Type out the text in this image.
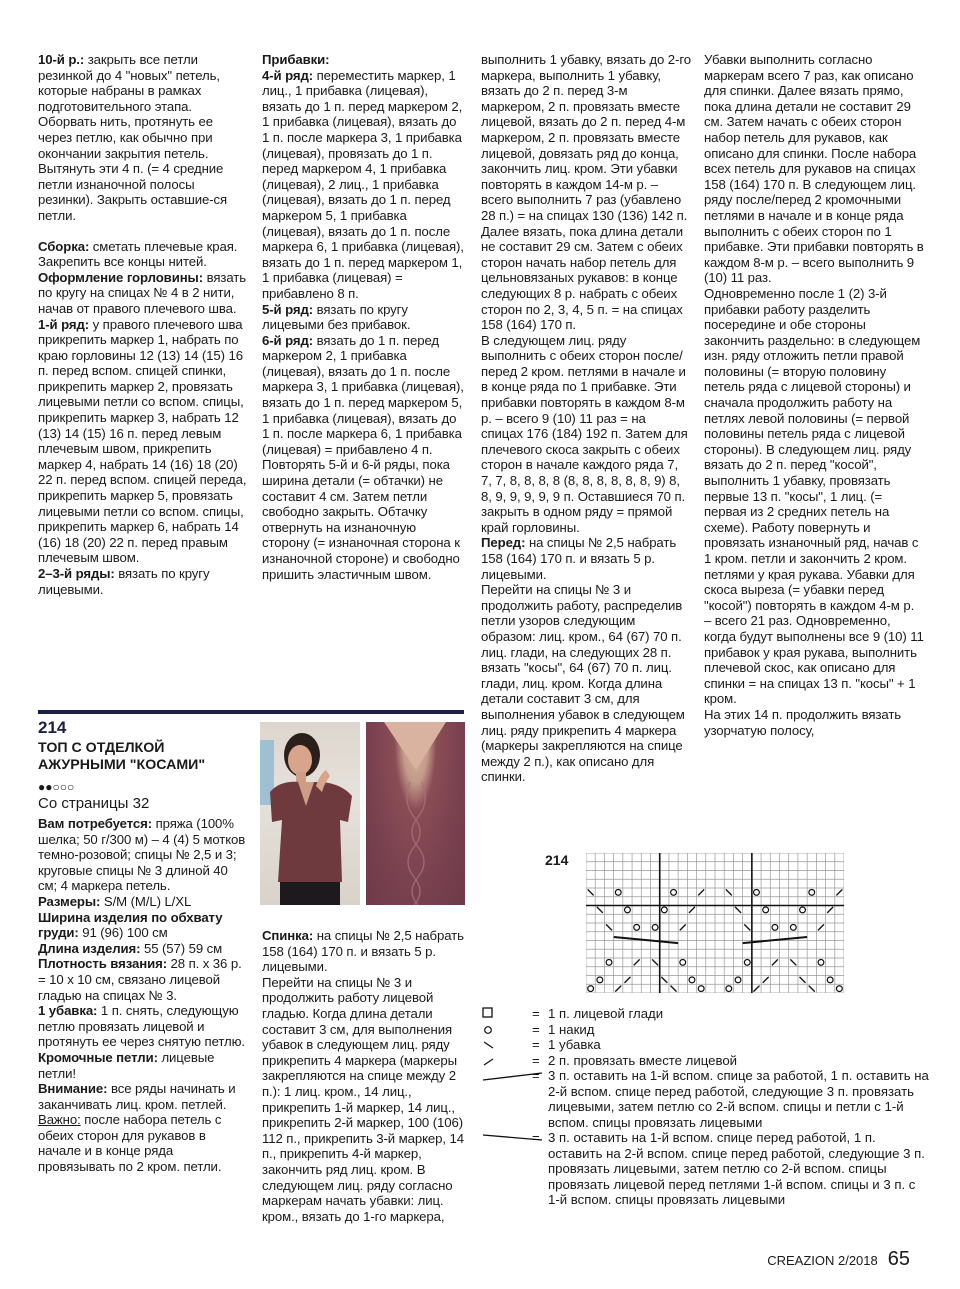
10-й р.: закрыть все петли резинкой до 4 "новых" петель, которые набраны в рамках подготовительного этапа. Оборвать нить, протянуть ее через петлю, как обычно при окончании закрытия петель. Вытянуть эти 4 п. (= 4 средние петли изнаночной полосы резинки). Закрыть оставшие-ся петли.

Сборка: сметать плечевые края. Закрепить все концы нитей.

Оформление горловины: вязать по кругу на спицах № 4 в 2 нити, начав от правого плечевого шва.

1-й ряд: у правого плечевого шва прикрепить маркер 1, набрать по краю горловины 12 (13) 14 (15) 16 п. перед вспом. спицей спинки, прикрепить маркер 2, провязать лицевыми петли со вспом. спицы, прикрепить маркер 3, набрать 12 (13) 14 (15) 16 п. перед левым плечевым швом, прикрепить маркер 4, набрать 14 (16) 18 (20) 22 п. перед вспом. спицей переда, прикрепить маркер 5, провязать лицевыми петли со вспом. спицы, прикрепить маркер 6, набрать 14 (16) 18 (20) 22 п. перед правым плечевым швом.

2–3-й ряды: вязать по кругу лицевыми.

Прибавки:

4-й ряд: переместить маркер, 1 лиц., 1 прибавка (лицевая), вязать до 1 п. перед маркером 2, 1 прибавка (лицевая), вязать до 1 п. после маркера 3, 1 прибавка (лицевая), провязать до 1 п. перед маркером 4, 1 прибавка (лицевая), 2 лиц., 1 прибавка (лицевая), вязать до 1 п. перед маркером 5, 1 прибавка (лицевая), вязать до 1 п. после маркера 6, 1 прибавка (лицевая), вязать до 1 п. перед маркером 1, 1 прибавка (лицевая) = прибавлено 8 п.

5-й ряд: вязать по кругу лицевыми без прибавок.

6-й ряд: вязать до 1 п. перед маркером 2, 1 прибавка (лицевая), вязать до 1 п. после маркера 3, 1 прибавка (лицевая), вязать до 1 п. перед маркером 5, 1 прибавка (лицевая), вязать до 1 п. после маркера 6, 1 прибавка (лицевая) = прибавлено 4 п.

Повторять 5-й и 6-й ряды, пока ширина детали (= обтачки) не составит 4 см. Затем петли свободно закрыть. Обтачку отвернуть на изнаночную сторону (= изнаночная сторона к изнаночной стороне) и свободно пришить эластичным швом.

выполнить 1 убавку, вязать до 2-го маркера, выполнить 1 убавку, вязать до 2 п. перед 3-м маркером, 2 п. провязать вместе лицевой, вязать до 2 п. перед 4-м маркером, 2 п. провязать вместе лицевой, довязать ряд до конца, закончить лиц. кром. Эти убавки повторять в каждом 14-м р. – всего выполнить 7 раз (убавлено 28 п.) = на спицах 130 (136) 142 п. Далее вязать, пока длина детали не составит 29 см. Затем с обеих сторон начать набор петель для цельновязаных рукавов: в конце следующих 8 р. набрать с обеих сторон по 2, 3, 4, 5 п. = на спицах 158 (164) 170 п.

В следующем лиц. ряду выполнить с обеих сторон после/перед 2 кром. петлями в начале и в конце ряда по 1 прибавке. Эти прибавки повторять в каждом 8-м р. – всего 9 (10) 11 раз = на спицах 176 (184) 192 п. Затем для плечевого скоса закрыть с обеих сторон в начале каждого ряда 7, 7, 7, 8, 8, 8, 8 (8, 8, 8, 8, 8, 8, 9) 8, 8, 9, 9, 9, 9, 9 п. Оставшиеся 70 п. закрыть в одном ряду = прямой край горловины.

Перед: на спицы № 2,5 набрать 158 (164) 170 п. и вязать 5 р. лицевыми.

Перейти на спицы № 3 и продолжить работу, распределив петли узоров следующим образом: лиц. кром., 64 (67) 70 п. лиц. глади, на следующих 28 п. вязать "косы", 64 (67) 70 п. лиц. глади, лиц. кром. Когда длина детали составит 3 см, для выполнения убавок в следующем лиц. ряду прикрепить 4 маркера (маркеры закрепляются на спице между 2 п.), как описано для спинки.

Убавки выполнить согласно маркерам всего 7 раз, как описано для спинки. Далее вязать прямо, пока длина детали не составит 29 см. Затем начать с обеих сторон набор петель для рукавов, как описано для спинки. После набора всех петель для рукавов на спицах 158 (164) 170 п. В следующем лиц. ряду после/перед 2 кромочными петлями в начале и в конце ряда выполнить с обеих сторон по 1 прибавке. Эти прибавки повторять в каждом 8-м р. – всего выполнить 9 (10) 11 раз.

Одновременно после 1 (2) 3-й прибавки работу разделить посередине и обе стороны закончить раздельно: в следующем изн. ряду отложить петли правой половины (= вторую половину петель ряда с лицевой стороны) и сначала продолжить работу на петлях левой половины (= первой половины петель ряда с лицевой стороны). В следующем лиц. ряду вязать до 2 п. перед "косой", выполнить 1 убавку, провязать первые 13 п. "косы", 1 лиц. (= первая из 2 средних петель на схеме). Работу повернуть и провязать изнаночный ряд, начав с 1 кром. петли и закончить 2 кром. петлями у края рукава. Убавки для скоса выреза (= убавки перед "косой") повторять в каждом 4-м р. – всего 21 раз. Одновременно, когда будут выполнены все 9 (10) 11 прибавок у края рукава, выполнить плечевой скос, как описано для спинки = на спицах 13 п. "косы" + 1 кром.

На этих 14 п. продолжить вязать узорчатую полосу,

214
ТОП С ОТДЕЛКОЙ АЖУРНЫМИ "КОСАМИ"
●●○○○
Со страницы 32

Вам потребуется: пряжа (100% шелка; 50 г/300 м) – 4 (4) 5 мотков темно-розовой; спицы № 2,5 и 3; круговые спицы № 3 длиной 40 см; 4 маркера петель.

Размеры: S/M (M/L) L/XL

Ширина изделия по обхвату груди: 91 (96) 100 см

Длина изделия: 55 (57) 59 см

Плотность вязания: 28 п. х 36 р. = 10 х 10 см, связано лицевой гладью на спицах № 3.

1 убавка: 1 п. снять, следующую петлю провязать лицевой и протянуть ее через снятую петлю.

Кромочные петли: лицевые петли!

Внимание: все ряды начинать и заканчивать лиц. кром. петлей. Важно: после набора петель с обеих сторон для рукавов в начале и в конце ряда провязывать по 2 кром. петли.

Спинка: на спицы № 2,5 набрать 158 (164) 170 п. и вязать 5 р. лицевыми.

Перейти на спицы № 3 и продолжить работу лицевой гладью. Когда длина детали составит 3 см, для выполнения убавок в следующем лиц. ряду прикрепить 4 маркера (маркеры закрепляются на спице между 2 п.): 1 лиц. кром., 14 лиц., прикрепить 1-й маркер, 14 лиц., прикрепить 2-й маркер, 100 (106) 112 п., прикрепить 3-й маркер, 14 п., прикрепить 4-й маркер, закончить ряд лиц. кром. В следующем лиц. ряду согласно маркерам начать убавки: лиц. кром., вязать до 1-го маркера,

214
= 1 п. лицевой глади
= 1 накид
= 1 убавка
= 2 п. провязать вместе лицевой
= 3 п. оставить на 1-й вспом. спице за работой, 1 п. оставить на 2-й вспом. спице перед работой, следующие 3 п. провязать лицевыми, затем петлю со 2-й вспом. спицы и петли с 1-й вспом. спицы провязать лицевыми
= 3 п. оставить на 1-й вспом. спице перед работой, 1 п. оставить на 2-й вспом. спице перед работой, следующие 3 п. провязать лицевыми, затем петлю со 2-й вспом. спицы провязать лицевой перед петлями 1-й вспом. спицы и 3 п. с 1-й вспом. спицы провязать лицевыми
CREAZION 2/2018 65
